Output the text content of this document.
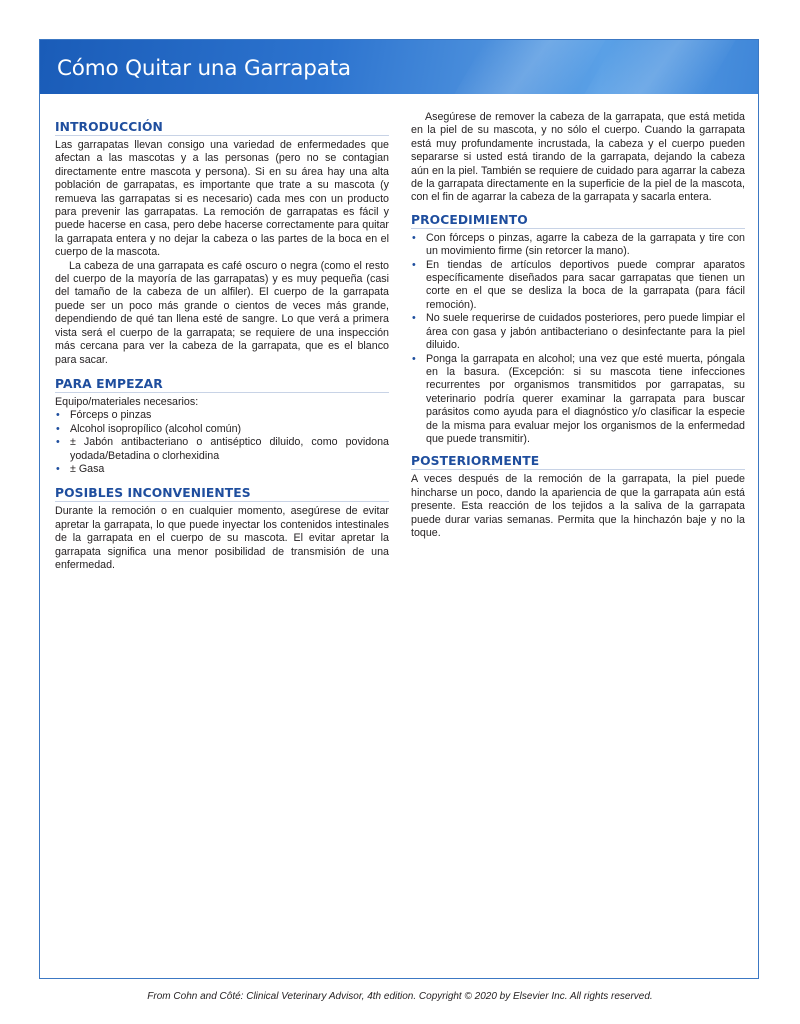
Cómo Quitar una Garrapata
INTRODUCCIÓN

Las garrapatas llevan consigo una variedad de enfermedades que afectan a las mascotas y a las personas (pero no se contagian directamente entre mascota y persona). Si en su área hay una alta población de garrapatas, es importante que trate a su mascota (y remueva las garrapatas si es necesario) cada mes con un producto para prevenir las garrapatas. La remoción de garrapatas es fácil y puede hacerse en casa, pero debe hacerse correctamente para quitar la garrapata entera y no dejar la cabeza o las partes de la boca en el cuerpo de la mascota.

La cabeza de una garrapata es café oscuro o negra (como el resto del cuerpo de la mayoría de las garrapatas) y es muy pequeña (casi del tamaño de la cabeza de un alfiler). El cuerpo de la garrapata puede ser un poco más grande o cientos de veces más grande, dependiendo de qué tan llena esté de sangre. Lo que verá a primera vista será el cuerpo de la garrapata; se requiere de una inspección más cercana para ver la cabeza de la garrapata, que es el blanco para sacar.

PARA EMPEZAR

Equipo/materiales necesarios:

• Fórceps o pinzas
• Alcohol isopropílico (alcohol común)
• ± Jabón antibacteriano o antiséptico diluido, como povidona yodada/Betadina o clorhexidina
• ± Gasa
POSIBLES INCONVENIENTES

Durante la remoción o en cualquier momento, asegúrese de evitar apretar la garrapata, lo que puede inyectar los contenidos intestinales de la garrapata en el cuerpo de su mascota. El evitar apretar la garrapata significa una menor posibilidad de transmisión de una enfermedad.

Asegúrese de remover la cabeza de la garrapata, que está metida en la piel de su mascota, y no sólo el cuerpo. Cuando la garrapata está muy profundamente incrustada, la cabeza y el cuerpo pueden separarse si usted está tirando de la garrapata, dejando la cabeza aún en la piel. También se requiere de cuidado para agarrar la cabeza de la garrapata directamente en la superficie de la piel de la mascota, con el fin de agarrar la cabeza de la garrapata y sacarla entera.

PROCEDIMIENTO
• Con fórceps o pinzas, agarre la cabeza de la garrapata y tire con un movimiento firme (sin retorcer la mano).
• En tiendas de artículos deportivos puede comprar aparatos específicamente diseñados para sacar garrapatas que tienen un corte en el que se desliza la boca de la garrapata (para fácil remoción).
• No suele requerirse de cuidados posteriores, pero puede limpiar el área con gasa y jabón antibacteriano o desinfectante para la piel diluido.
• Ponga la garrapata en alcohol; una vez que esté muerta, póngala en la basura. (Excepción: si su mascota tiene infecciones recurrentes por organismos transmitidos por garrapatas, su veterinario podría querer examinar la garrapata para buscar parásitos como ayuda para el diagnóstico y/o clasificar la especie de la misma para evaluar mejor los organismos de la enfermedad que puede transmitir).
POSTERIORMENTE

A veces después de la remoción de la garrapata, la piel puede hincharse un poco, dando la apariencia de que la garrapata aún está presente. Esta reacción de los tejidos a la saliva de la garrapata puede durar varias semanas. Permita que la hinchazón baje y no la toque.

From Cohn and Côté: Clinical Veterinary Advisor, 4th edition. Copyright © 2020 by Elsevier Inc. All rights reserved.
